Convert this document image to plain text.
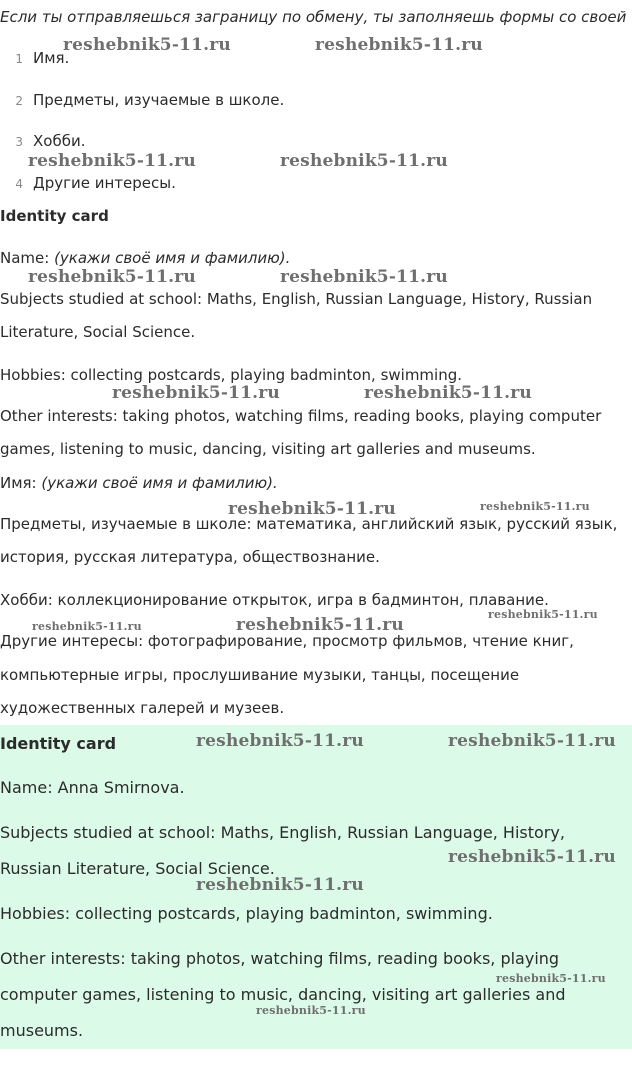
Если ты отправляешься заграницу по обмену, ты заполняешь формы со своей
1 Имя.
2 Предметы, изучаемые в школе.
3 Хобби.
4 Другие интересы.
Identity card
Name: (укажи своё имя и фамилию).
Subjects studied at school: Maths, English, Russian Language, History, Russian
Literature, Social Science.
Hobbies: collecting postcards, playing badminton, swimming.
Other interests: taking photos, watching films, reading books, playing computer
games, listening to music, dancing, visiting art galleries and museums.
Имя: (укажи своё имя и фамилию).
Предметы, изучаемые в школе: математика, английский язык, русский язык,
история, русская литература, обществознание.
Хобби: коллекционирование открыток, игра в бадминтон, плавание.
Другие интересы: фотографирование, просмотр фильмов, чтение книг,
компьютерные игры, прослушивание музыки, танцы, посещение
художественных галерей и музеев.
Identity card
Name: Anna Smirnova.
Subjects studied at school: Maths, English, Russian Language, History,
Russian Literature, Social Science.
Hobbies: collecting postcards, playing badminton, swimming.
Other interests: taking photos, watching films, reading books, playing
computer games, listening to music, dancing, visiting art galleries and
museums.
reshebnik5-11.ru	reshebnik5-11.ru
reshebnik5-11.ru	reshebnik5-11.ru
reshebnik5-11.ru	reshebnik5-11.ru
reshebnik5-11.ru	reshebnik5-11.ru
reshebnik5-11.ru	reshebnik5-11.ru
reshebnik5-11.ru
reshebnik5-11.ru	reshebnik5-11.ru
reshebnik5-11.ru	reshebnik5-11.ru
reshebnik5-11.ru
reshebnik5-11.ru
reshebnik5-11.ru
reshebnik5-11.ru
